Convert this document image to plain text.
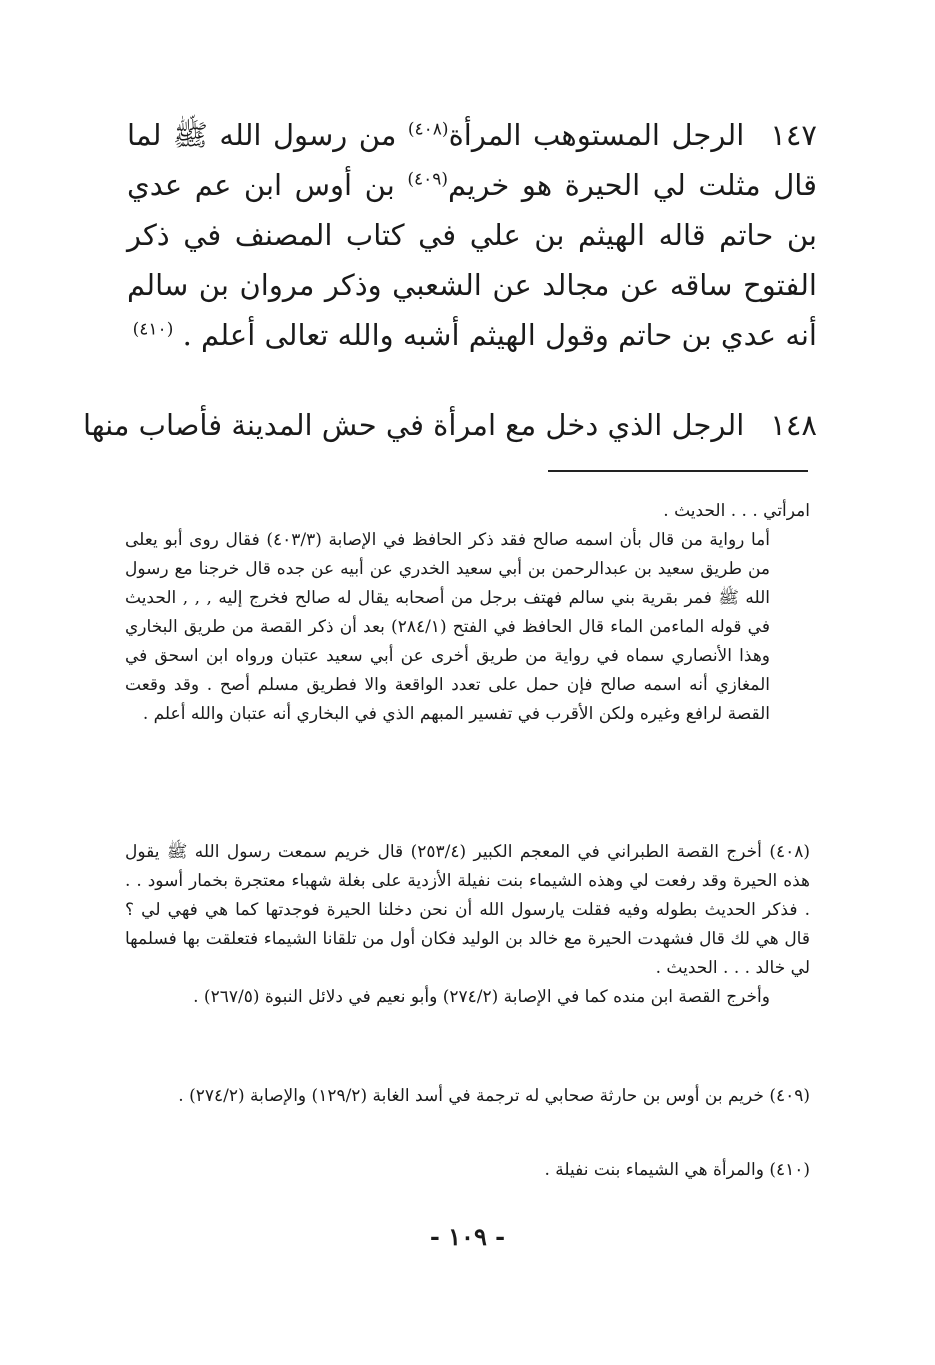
١٤٧الرجل المستوهب المرأة$^{(٤٠٨)}$ من رسول الله ﷺ لما قال مثلت لي الحيرة هو خريم$^{(٤٠٩)}$ بن أوس ابن عم عدي بن حاتم قاله الهيثم بن علي في كتاب المصنف في ذكر الفتوح ساقه عن مجالد عن الشعبي وذكر مروان بن سالم أنه عدي بن حاتم وقول الهيثم أشبه والله تعالى أعلم . $^{(٤١٠)}$

١٤٨الرجل الذي دخل مع امرأة في حش المدينة فأصاب منها

امرأتي . . . الحديث .

أما رواية من قال بأن اسمه صالح فقد ذكر الحافظ في الإصابة (٤٠٣/٣) فقال روى أبو يعلى من طريق سعيد بن عبدالرحمن بن أبي سعيد الخدري عن أبيه عن جده قال خرجنا مع رسول الله ﷺ فمر بقرية بني سالم فهتف برجل من أصحابه يقال له صالح فخرج إليه , , , الحديث في قوله الماءمن الماء قال الحافظ في الفتح (٢٨٤/١) بعد أن ذكر القصة من طريق البخاري وهذا الأنصاري سماه في رواية من طريق أخرى عن أبي سعيد عتبان ورواه ابن اسحق في المغازي أنه اسمه صالح فإن حمل على تعدد الواقعة والا فطريق مسلم أصح . وقد وقعت القصة لرافع وغيره ولكن الأقرب في تفسير المبهم الذي في البخاري أنه عتبان والله أعلم .

(٤٠٨) أخرج القصة الطبراني في المعجم الكبير (٢٥٣/٤) قال خريم سمعت رسول الله ﷺ يقول هذه الحيرة وقد رفعت لي وهذه الشيماء بنت نفيلة الأزدية على بغلة شهباء معتجرة بخمار أسود . . . فذكر الحديث بطوله وفيه فقلت يارسول الله أن نحن دخلنا الحيرة فوجدتها كما هي فهي لي ؟ قال هي لك قال فشهدت الحيرة مع خالد بن الوليد فكان أول من تلقانا الشيماء فتعلقت بها فسلمها لي خالد . . . الحديث .

وأخرج القصة ابن منده كما في الإصابة (٢٧٤/٢) وأبو نعيم في دلائل النبوة (٢٦٧/٥) .

(٤٠٩) خريم بن أوس بن حارثة صحابي له ترجمة في أسد الغابة (١٢٩/٢) والإصابة (٢٧٤/٢) .

(٤١٠) والمرأة هي الشيماء بنت نفيلة .

- ١٠٩ -
